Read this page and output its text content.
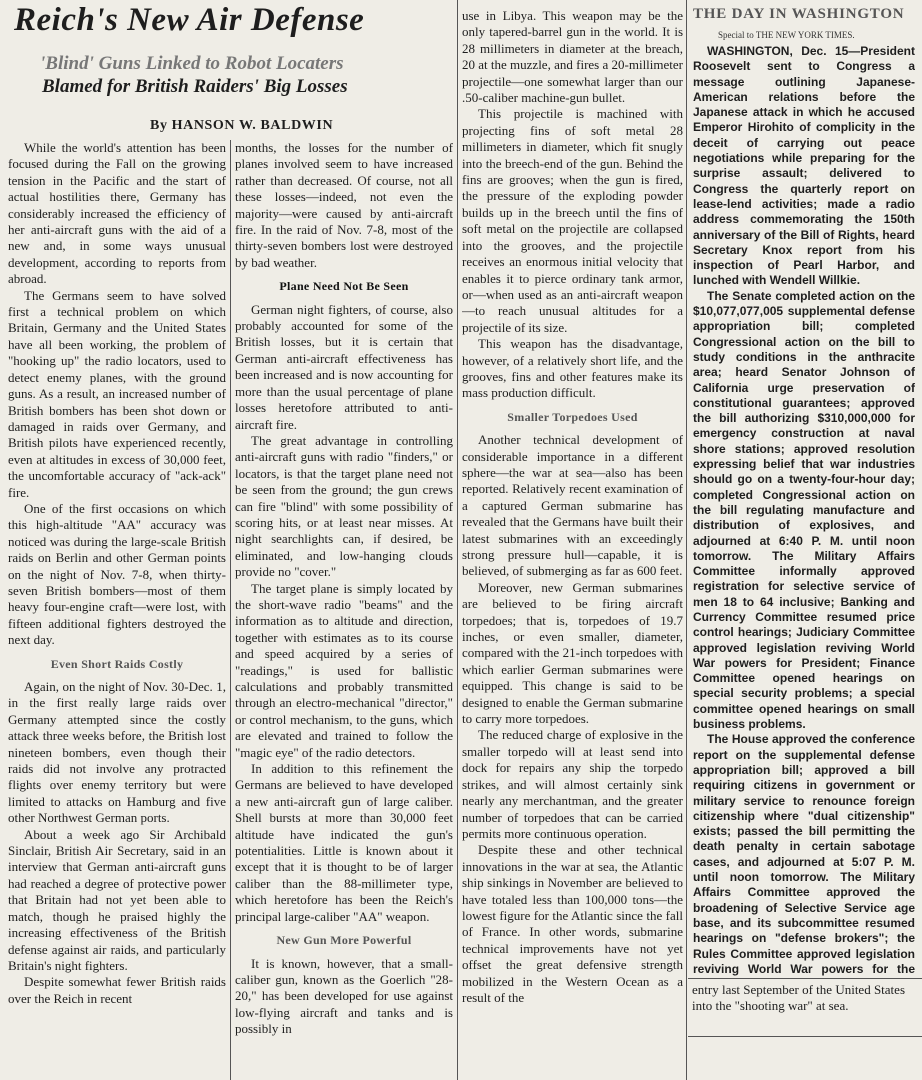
Reich's New Air Defense
'Blind' Guns Linked to Robot Locaters
Blamed for British Raiders' Big Losses
By HANSON W. BALDWIN

While the world's attention has been focused during the Fall on the growing tension in the Pacific and the start of actual hostilities there, Germany has considerably increased the efficiency of her anti-aircraft guns with the aid of a new and, in some ways unusual development, according to reports from abroad.

The Germans seem to have solved first a technical problem on which Britain, Germany and the United States have all been working, the problem of "hooking up" the radio locators, used to detect enemy planes, with the ground guns. As a result, an increased number of British bombers has been shot down or damaged in raids over Germany, and British pilots have experienced recently, even at altitudes in excess of 30,000 feet, the uncomfortable accuracy of "ack-ack" fire.

One of the first occasions on which this high-altitude "AA" accuracy was noticed was during the large-scale British raids on Berlin and other German points on the night of Nov. 7-8, when thirty-seven British bombers—most of them heavy four-engine craft—were lost, with fifteen additional fighters destroyed the next day.

Even Short Raids Costly

Again, on the night of Nov. 30-Dec. 1, in the first really large raids over Germany attempted since the costly attack three weeks before, the British lost nineteen bombers, even though their raids did not involve any protracted flights over enemy territory but were limited to attacks on Hamburg and five other Northwest German ports.

About a week ago Sir Archibald Sinclair, British Air Secretary, said in an interview that German anti-aircraft guns had reached a degree of protective power that Britain had not yet been able to match, though he praised highly the increasing effectiveness of the British defense against air raids, and particularly Britain's night fighters.

Despite somewhat fewer British raids over the Reich in recent

months, the losses for the number of planes involved seem to have increased rather than decreased. Of course, not all these losses—indeed, not even the majority—were caused by anti-aircraft fire. In the raid of Nov. 7-8, most of the thirty-seven bombers lost were destroyed by bad weather.

Plane Need Not Be Seen

German night fighters, of course, also probably accounted for some of the British losses, but it is certain that German anti-aircraft effectiveness has been increased and is now accounting for more than the usual percentage of plane losses heretofore attributed to anti-aircraft fire.

The great advantage in controlling anti-aircraft guns with radio "finders," or locators, is that the target plane need not be seen from the ground; the gun crews can fire "blind" with some possibility of scoring hits, or at least near misses. At night searchlights can, if desired, be eliminated, and low-hanging clouds provide no "cover."

The target plane is simply located by the short-wave radio "beams" and the information as to altitude and direction, together with estimates as to its course and speed acquired by a series of "readings," is used for ballistic calculations and probably transmitted through an electro-mechanical "director," or control mechanism, to the guns, which are elevated and trained to follow the "magic eye" of the radio detectors.

In addition to this refinement the Germans are believed to have developed a new anti-aircraft gun of large caliber. Shell bursts at more than 30,000 feet altitude have indicated the gun's potentialities. Little is known about it except that it is thought to be of larger caliber than the 88-millimeter type, which heretofore has been the Reich's principal large-caliber "AA" weapon.

New Gun More Powerful

It is known, however, that a small-caliber gun, known as the Goerlich "28-20," has been developed for use against low-flying aircraft and tanks and is possibly in

use in Libya. This weapon may be the only tapered-barrel gun in the world. It is 28 millimeters in diameter at the breach, 20 at the muzzle, and fires a 20-millimeter projectile—one somewhat larger than our .50-caliber machine-gun bullet.

This projectile is machined with projecting fins of soft metal 28 millimeters in diameter, which fit snugly into the breech-end of the gun. Behind the fins are grooves; when the gun is fired, the pressure of the exploding powder builds up in the breech until the fins of soft metal on the projectile are collapsed into the grooves, and the projectile receives an enormous initial velocity that enables it to pierce ordinary tank armor, or—when used as an anti-aircraft weapon—to reach unusual altitudes for a projectile of its size.

This weapon has the disadvantage, however, of a relatively short life, and the grooves, fins and other features make its mass production difficult.

Smaller Torpedoes Used

Another technical development of considerable importance in a different sphere—the war at sea—also has been reported. Relatively recent examination of a captured German submarine has revealed that the Germans have built their latest submarines with an exceedingly strong pressure hull—capable, it is believed, of submerging as far as 600 feet.

Moreover, new German submarines are believed to be firing aircraft torpedoes; that is, torpedoes of 19.7 inches, or even smaller, diameter, compared with the 21-inch torpedoes with which earlier German submarines were equipped. This change is said to be designed to enable the German submarine to carry more torpedoes.

The reduced charge of explosive in the smaller torpedo will at least send into dock for repairs any ship the torpedo strikes, and will almost certainly sink nearly any merchantman, and the greater number of torpedoes that can be carried permits more continuous operation.

Despite these and other technical innovations in the war at sea, the Atlantic ship sinkings in November are believed to have totaled less than 100,000 tons—the lowest figure for the Atlantic since the fall of France. In other words, submarine technical improvements have not yet offset the great defensive strength mobilized in the Western Ocean as a result of the

THE DAY IN WASHINGTON
Special to THE NEW YORK TIMES.

WASHINGTON, Dec. 15—President Roosevelt sent to Congress a message outlining Japanese-American relations before the Japanese attack in which he accused Emperor Hirohito of complicity in the deceit of carrying out peace negotiations while preparing for the surprise assault; delivered to Congress the quarterly report on lease-lend activities; made a radio address commemorating the 150th anniversary of the Bill of Rights, heard Secretary Knox report from his inspection of Pearl Harbor, and lunched with Wendell Willkie.

The Senate completed action on the $10,077,077,005 supplemental defense appropriation bill; completed Congressional action on the bill to study conditions in the anthracite area; heard Senator Johnson of California urge preservation of constitutional guarantees; approved the bill authorizing $310,000,000 for emergency construction at naval shore stations; approved resolution expressing belief that war industries should go on a twenty-four-hour day; completed Congressional action on the bill regulating manufacture and distribution of explosives, and adjourned at 6:40 P. M. until noon tomorrow. The Military Affairs Committee informally approved registration for selective service of men 18 to 64 inclusive; Banking and Currency Committee resumed price control hearings; Judiciary Committee approved legislation reviving World War powers for President; Finance Committee opened hearings on special security problems; a special committee opened hearings on small business problems.

The House approved the conference report on the supplemental defense appropriation bill; approved a bill requiring citizens in government or military service to renounce foreign citizenship where "dual citizenship" exists; passed the bill permitting the death penalty in certain sabotage cases, and adjourned at 5:07 P. M. until noon tomorrow. The Military Affairs Committee approved the broadening of Selective Service age base, and its subcommittee resumed hearings on "defense brokers"; the Rules Committee approved legislation reviving World War powers for the

entry last September of the United States into the "shooting war" at sea.
